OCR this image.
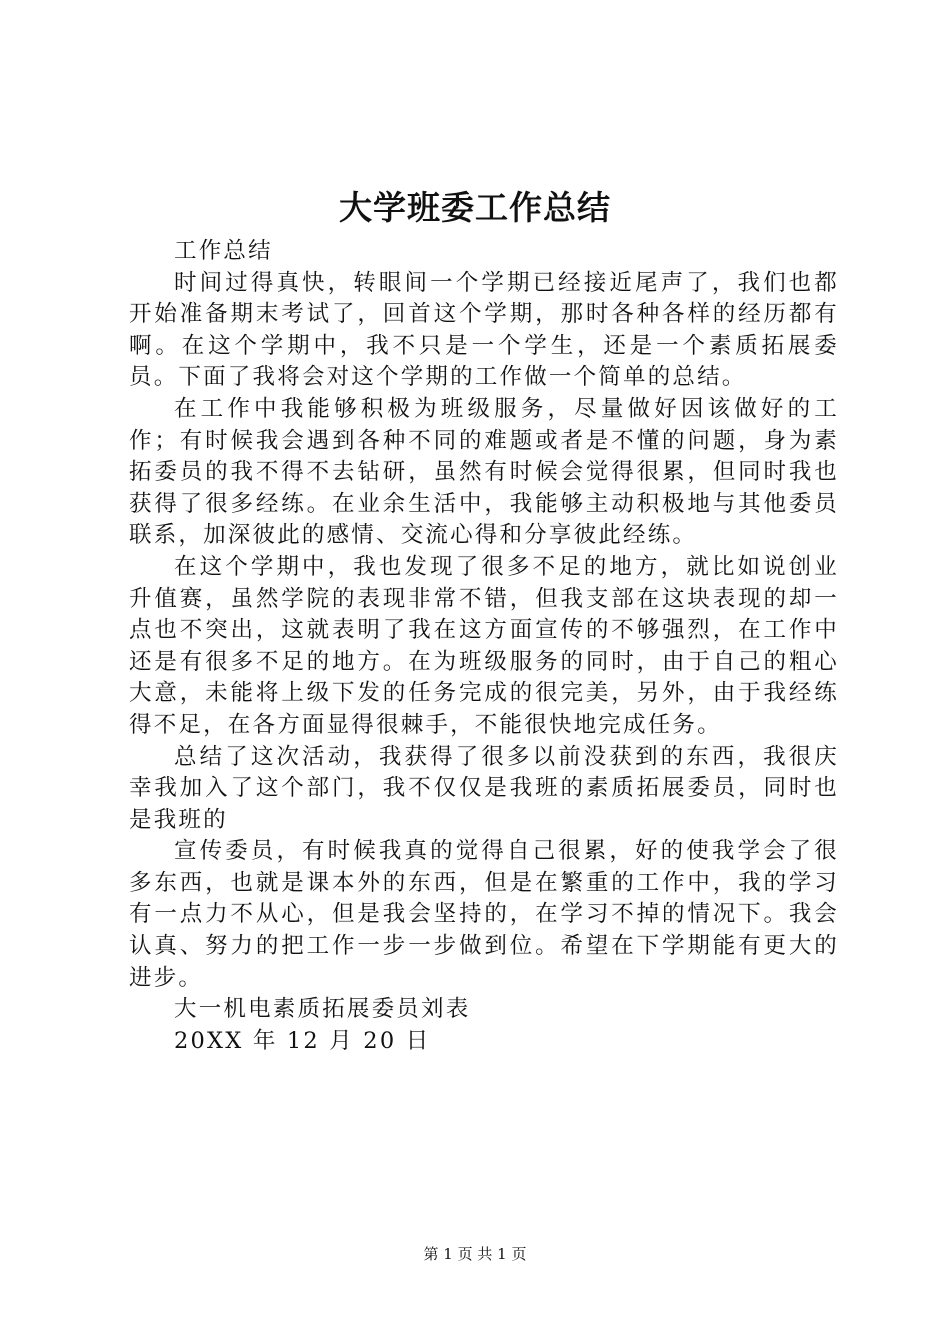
大学班委工作总结

工作总结

时间过得真快，转眼间一个学期已经接近尾声了，我们也都开始准备期末考试了，回首这个学期，那时各种各样的经历都有啊。在这个学期中，我不只是一个学生，还是一个素质拓展委员。下面了我将会对这个学期的工作做一个简单的总结。

在工作中我能够积极为班级服务，尽量做好因该做好的工作；有时候我会遇到各种不同的难题或者是不懂的问题，身为素拓委员的我不得不去钻研，虽然有时候会觉得很累，但同时我也获得了很多经练。在业余生活中，我能够主动积极地与其他委员联系，加深彼此的感情、交流心得和分享彼此经练。

在这个学期中，我也发现了很多不足的地方，就比如说创业升值赛，虽然学院的表现非常不错，但我支部在这块表现的却一点也不突出，这就表明了我在这方面宣传的不够强烈，在工作中还是有很多不足的地方。在为班级服务的同时，由于自己的粗心大意，未能将上级下发的任务完成的很完美，另外，由于我经练得不足，在各方面显得很棘手，不能很快地完成任务。

总结了这次活动，我获得了很多以前没获到的东西，我很庆幸我加入了这个部门，我不仅仅是我班的素质拓展委员，同时也是我班的

宣传委员，有时候我真的觉得自己很累，好的使我学会了很多东西，也就是课本外的东西，但是在繁重的工作中，我的学习有一点力不从心，但是我会坚持的，在学习不掉的情况下。我会认真、努力的把工作一步一步做到位。希望在下学期能有更大的进步。

大一机电素质拓展委员刘表

20XX 年 12 月 20 日

第 1 页 共 1 页
